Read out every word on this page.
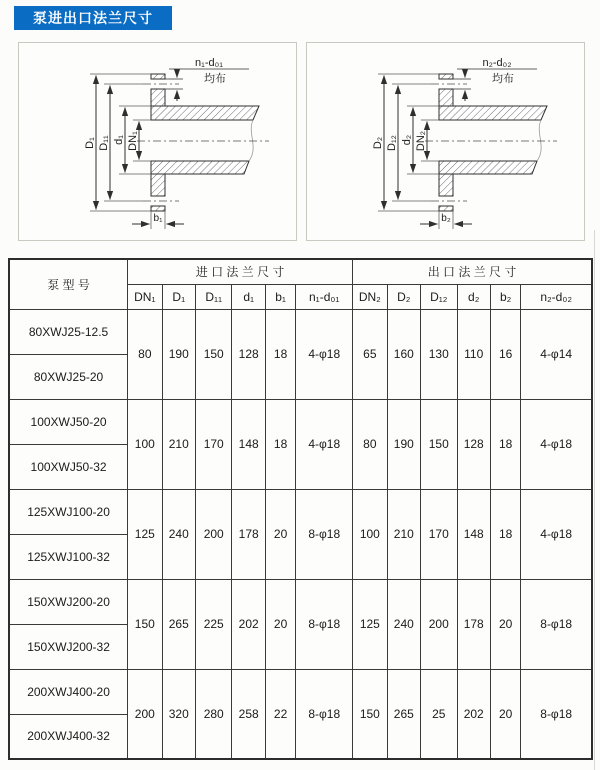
泵进出口法兰尺寸
D₁ D₁₁ d₁ DN₁
b₁
n₁-d₀₁
均布
D₂ D₁₂ d₂ DN₂
b₂
n₂-d₀₂
均布
泵 型 号	进 口 法 兰 尺 寸						出 口 法 兰 尺 寸					
	DN₁	D₁	D₁₁	d₁	b₁	n₁-d₀₁	DN₂	D₂	D₁₂	d₂	b₂	n₂-d₀₂
80XWJ25-12.5	80	190	150	128	18	4-φ18	65	160	130	110	16	4-φ14
80XWJ25-20												
100XWJ50-20	100	210	170	148	18	4-φ18	80	190	150	128	18	4-φ18
100XWJ50-32												
125XWJ100-20	125	240	200	178	20	8-φ18	100	210	170	148	18	4-φ18
125XWJ100-32												
150XWJ200-20	150	265	225	202	20	8-φ18	125	240	200	178	20	8-φ18
150XWJ200-32												
200XWJ400-20	200	320	280	258	22	8-φ18	150	265	25	202	20	8-φ18
200XWJ400-32												
